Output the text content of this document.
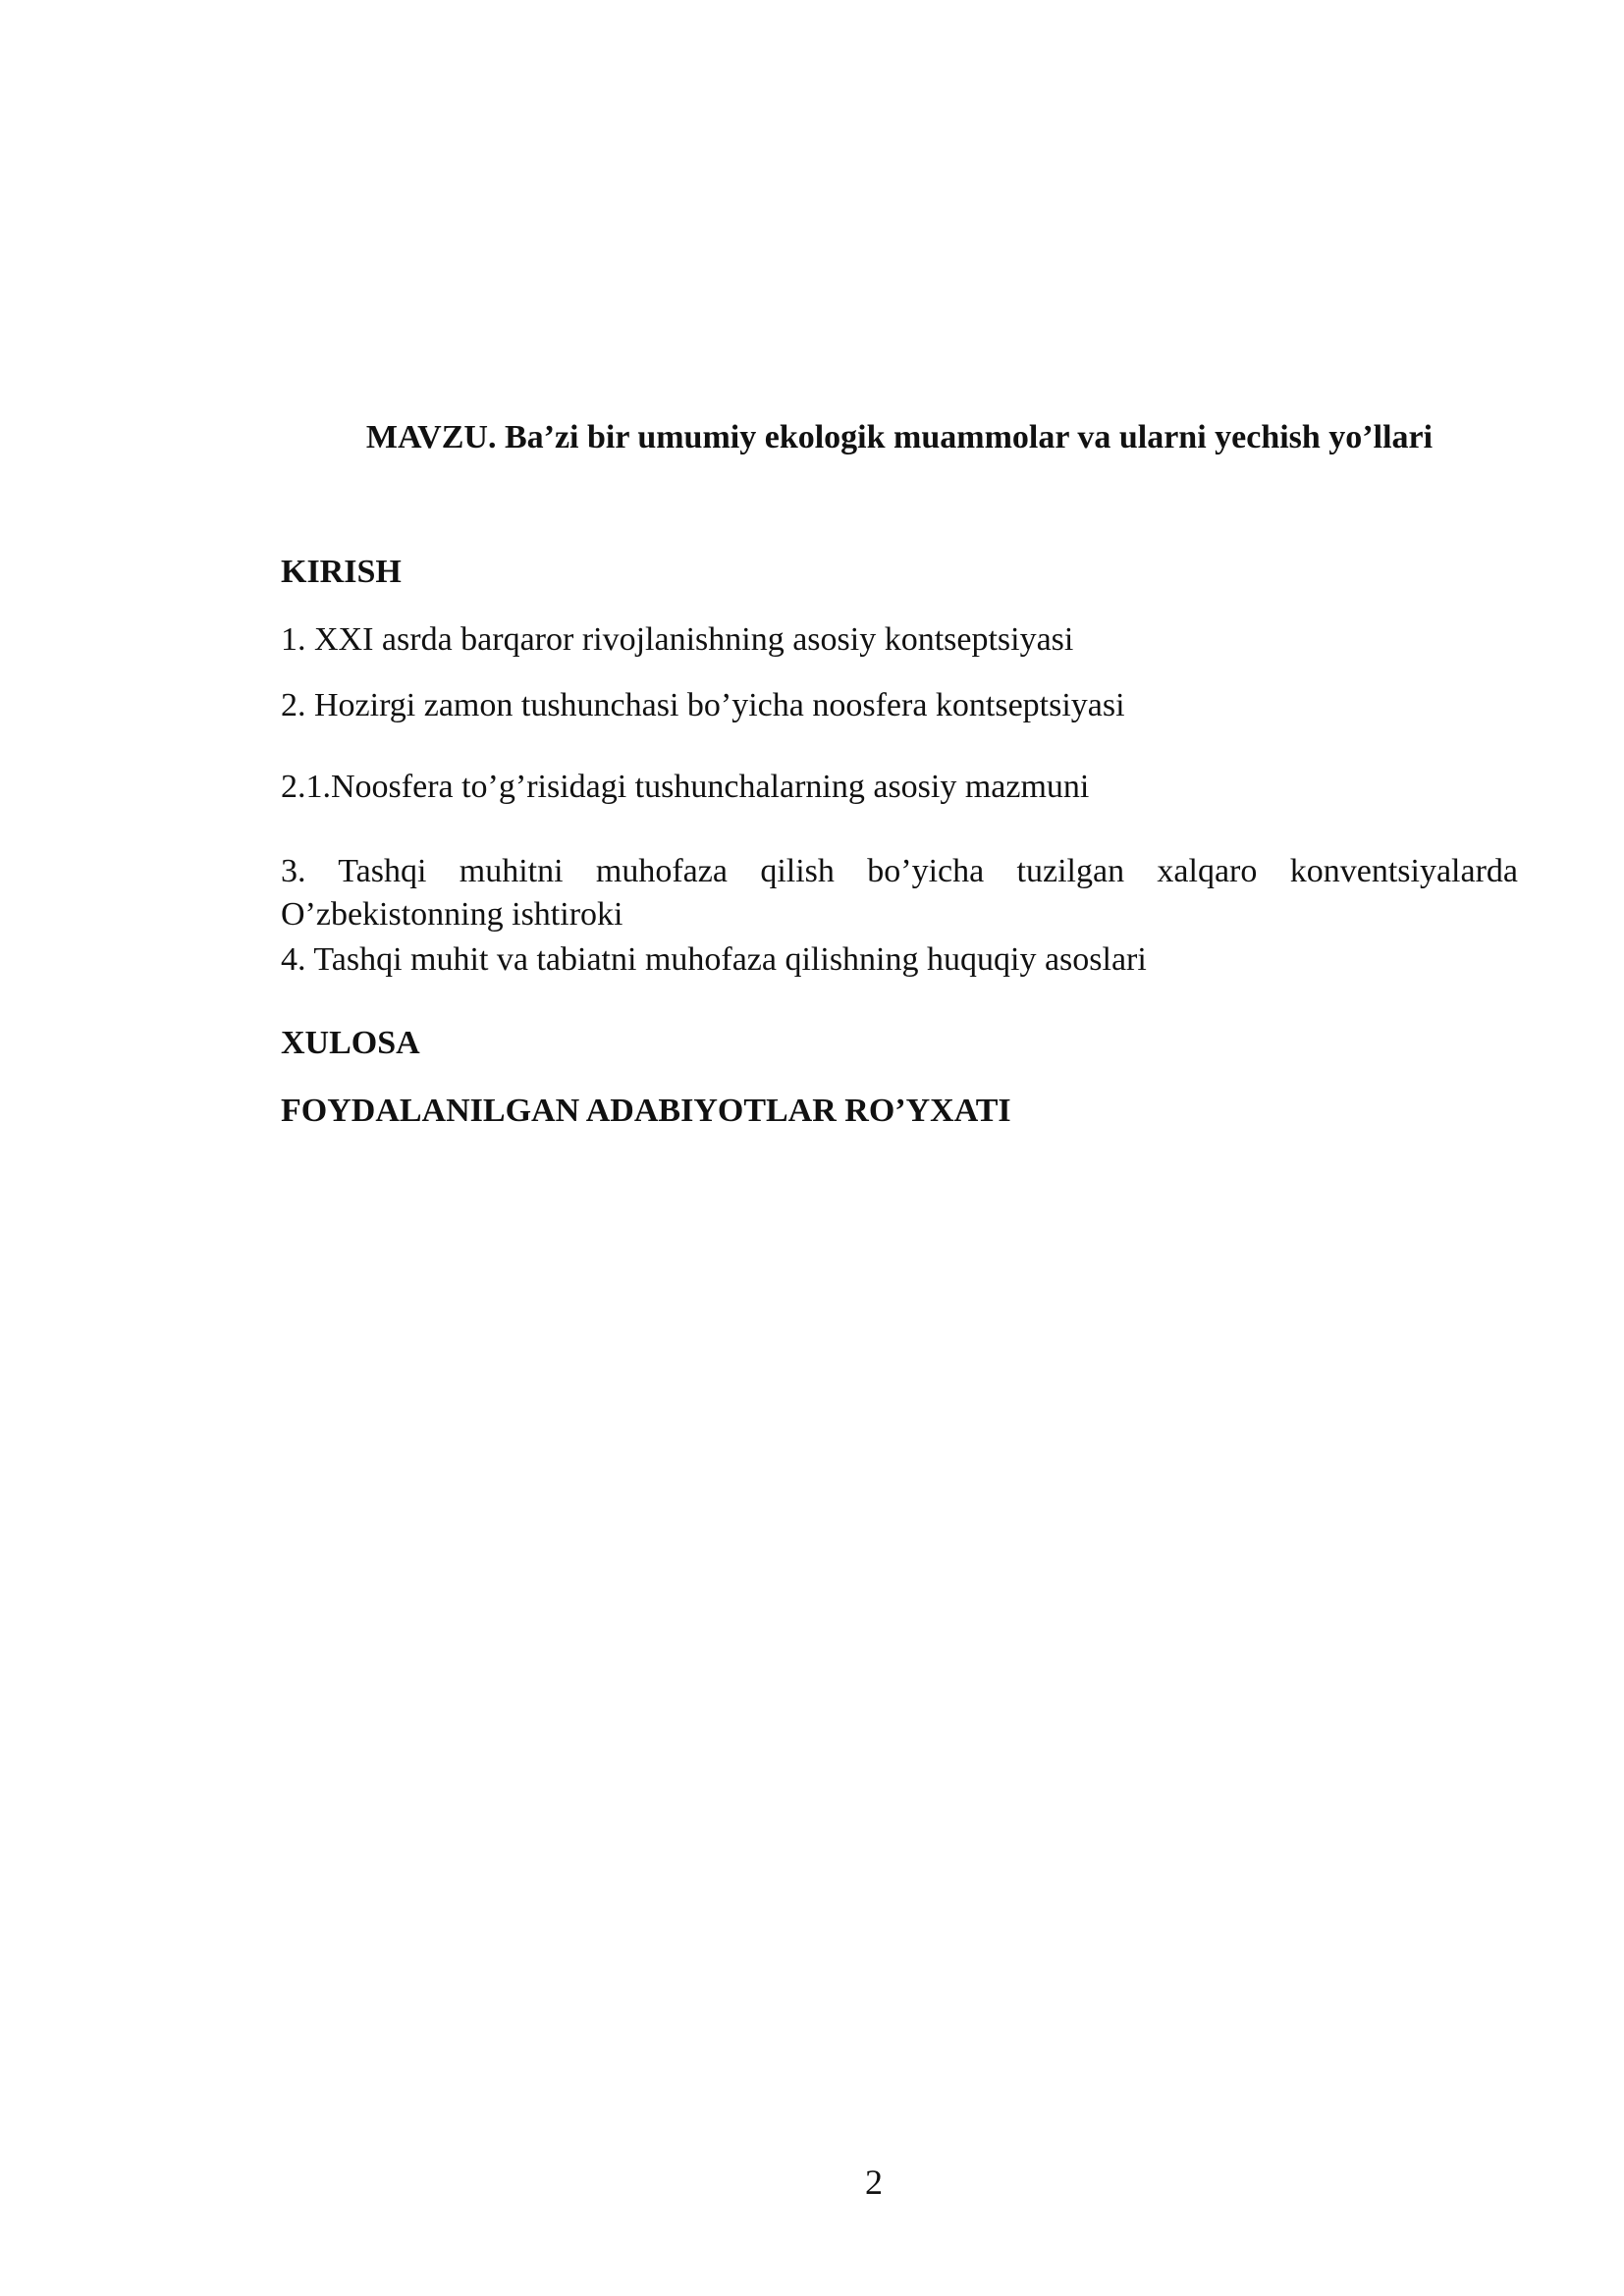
MAVZU. Ba’zi bir umumiy ekologik muammolar va ularni yechish yo’llari
KIRISH
1. XXI asrda barqaror rivojlanishning asosiy kontseptsiyasi
2. Hozirgi zamon tushunchasi bo’yicha noosfera kontseptsiyasi
2.1.Noosfera to’g’risidagi tushunchalarning asosiy mazmuni
3. Tashqi muhitni muhofaza qilish bo’yicha tuzilgan xalqaro konventsiyalarda
O’zbekistonning ishtiroki
4. Tashqi muhit va tabiatni muhofaza qilishning huquqiy asoslari
XULOSA
FOYDALANILGAN ADABIYOTLAR RO’YXATI
2
